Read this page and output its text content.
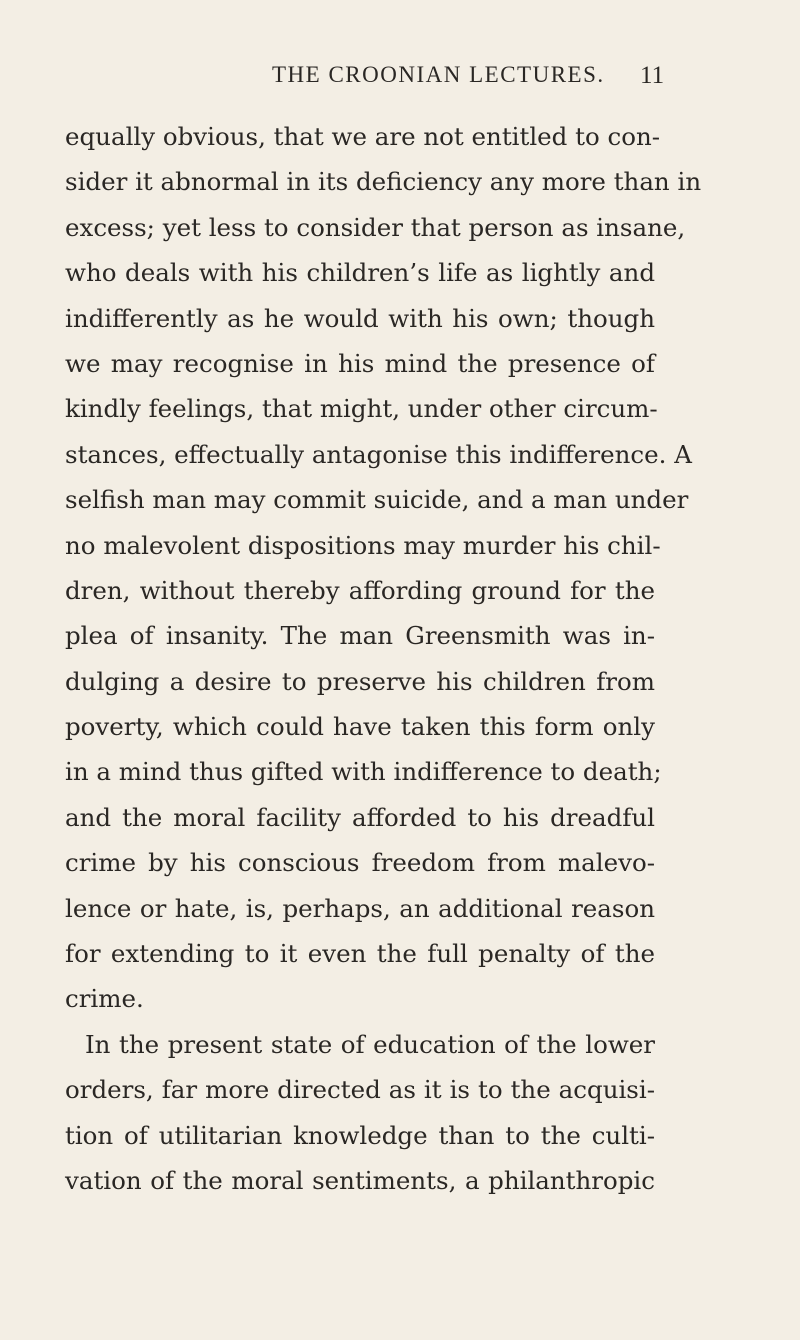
THE CROONIAN LECTURES. 11
equally obvious, that we are not entitled to con-
sider it abnormal in its deficiency any more than in
excess; yet less to consider that person as insane,
who deals with his children’s life as lightly and
indifferently as he would with his own; though
we may recognise in his mind the presence of
kindly feelings, that might, under other circum-
stances, effectually antagonise this indifference. A
selfish man may commit suicide, and a man under
no malevolent dispositions may murder his chil-
dren, without thereby affording ground for the
plea of insanity. The man Greensmith was in-
dulging a desire to preserve his children from
poverty, which could have taken this form only
in a mind thus gifted with indifference to death;
and the moral facility afforded to his dreadful
crime by his conscious freedom from malevo-
lence or hate, is, perhaps, an additional reason
for extending to it even the full penalty of the
crime.
In the present state of education of the lower
orders, far more directed as it is to the acquisi-
tion of utilitarian knowledge than to the culti-
vation of the moral sentiments, a philanthropic
